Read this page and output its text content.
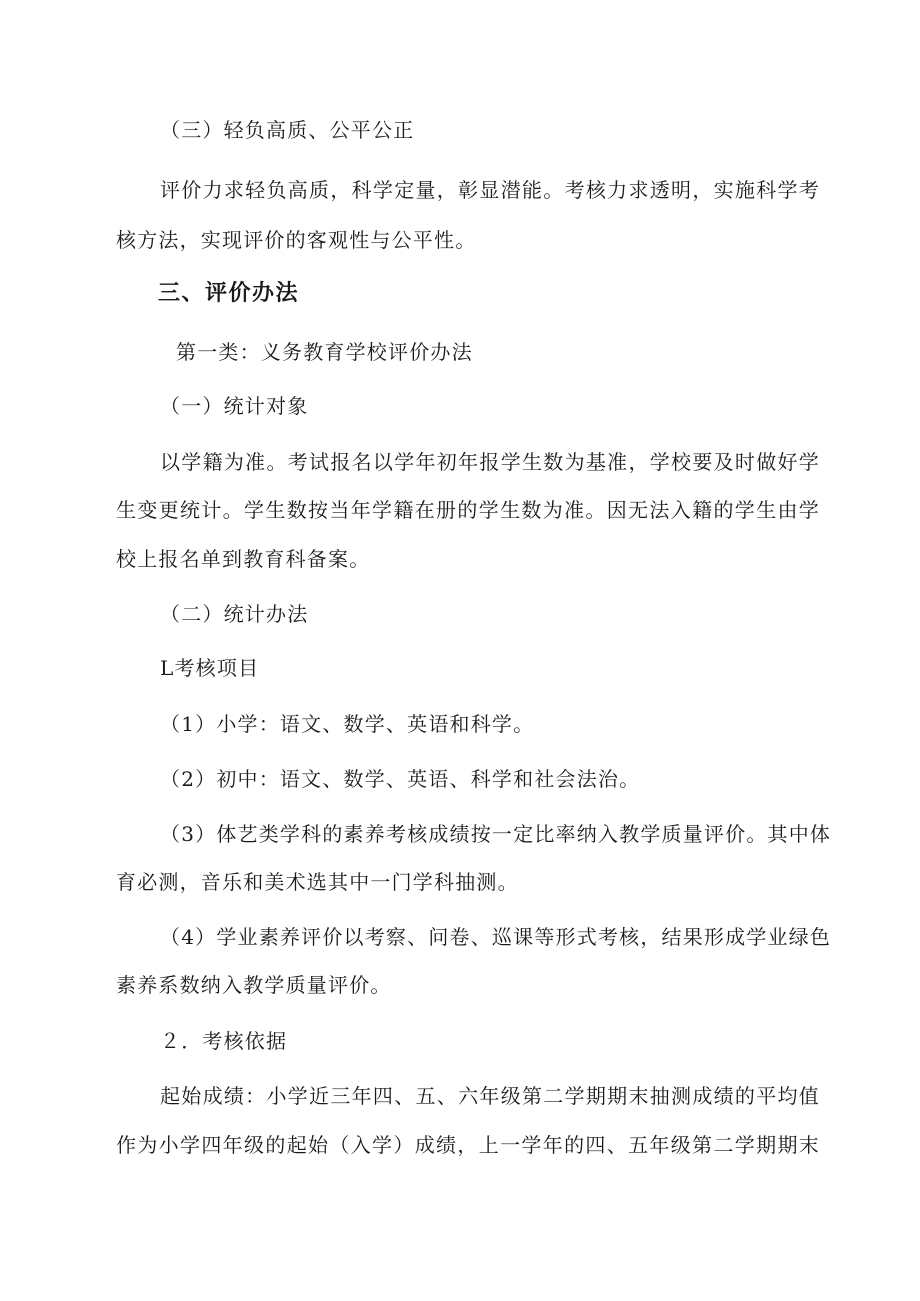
（三）轻负高质、公平公正
评价力求轻负高质，科学定量，彰显潜能。考核力求透明，实施科学考
核方法，实现评价的客观性与公平性。
三、评价办法
第一类：义务教育学校评价办法
（一）统计对象
以学籍为准。考试报名以学年初年报学生数为基准，学校要及时做好学
生变更统计。学生数按当年学籍在册的学生数为准。因无法入籍的学生由学
校上报名单到教育科备案。
（二）统计办法
L考核项目
（1）小学：语文、数学、英语和科学。
（2）初中：语文、数学、英语、科学和社会法治。
（3）体艺类学科的素养考核成绩按一定比率纳入教学质量评价。其中体
育必测，音乐和美术选其中一门学科抽测。
（4）学业素养评价以考察、问卷、巡课等形式考核，结果形成学业绿色
素养系数纳入教学质量评价。
２．考核依据
起始成绩：小学近三年四、五、六年级第二学期期末抽测成绩的平均值
作为小学四年级的起始（入学）成绩，上一学年的四、五年级第二学期期末
